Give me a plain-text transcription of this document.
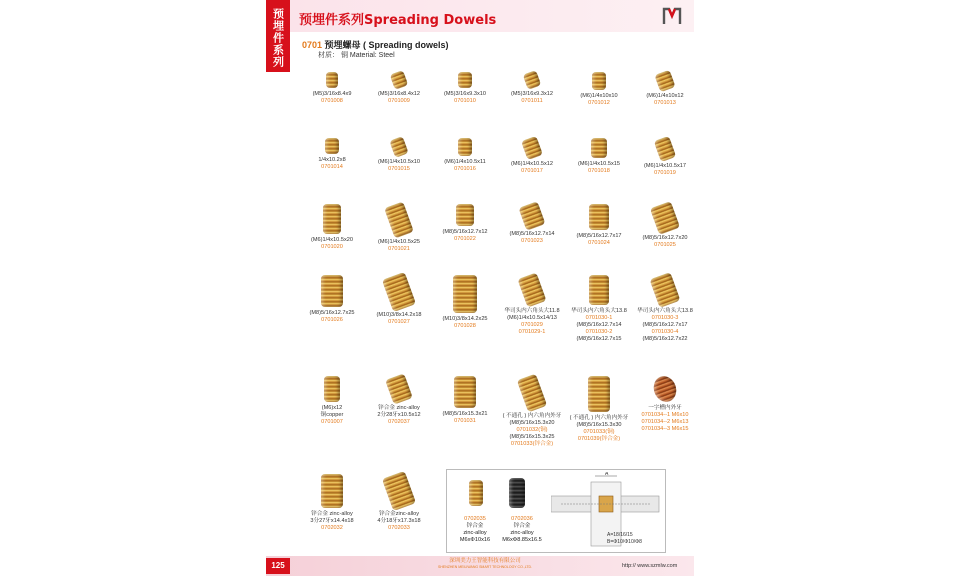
预埋件系列	预埋件系列Spreading Dowels
0701 预埋螺母 ( Spreading dowels)
材质： 铜 Material: Steel
(M5)3/16x8.4x9
0701008
(M5)3/16x8.4x12
0701009
(M5)3/16x9.3x10
0701010
(M5)3/16x9.3x12
0701011
(M6)1/4x10x10
0701012
(M6)1/4x10x12
0701013
1/4x10.2x8
0701014
(M6)1/4x10.5x10
0701015
(M6)1/4x10.5x11
0701016
(M6)1/4x10.5x12
0701017
(M6)1/4x10.5x15
0701018
(M6)1/4x10.5x17
0701019
(M6)1/4x10.5x20
0701020
(M6)1/4x10.5x25
0701021
(M8)5/16x12.7x12
0701022
(M8)5/16x12.7x14
0701023
(M8)5/16x12.7x17
0701024
(M8)5/16x12.7x20
0701025
(M8)5/16x12.7x25
0701026
(M10)3/8x14.2x18
0701027	(M10)3/8x14.2x25
0701028
华司头内六角头大11.8
(M6)1/4x10.5x14/13
0701029
0701029-1
华司头内六角头大13.8
0701030-1
(M8)5/16x12.7x14
0701030-2
(M8)5/16x12.7x15
华司头内六角头大13.8
0701030-3
(M8)5/16x12.7x17
0701030-4
(M8)5/16x12.7x22
(M6)x12
铜copper
0701007
锌合金 zinc-alloy
2分28牙x10.5x12
0702037
(M8)5/16x15.3x21
0701031
( 不通孔 ) 内六角内外牙
(M8)5/16x15.3x20
0701032(铜)
(M8)5/16x15.3x25
0701033(锌合金)
( 不通孔 ) 内六角内外牙
(M8)5/16x15.3x30
0701033(铜)
0701039(锌合金)
一字槽内外牙
0701034--1 M6x10
0701034--2 M6x13
0701034--3 M6x15
锌合金 zinc-alloy
3分27牙x14.4x18
0702032
锌合金zinc-alloy
4分18牙x17.3x18
0702033
0702035
锌合金
zinc-alloy
M6xΦ10x16
0702036
锌合金
zinc-alloy
M6xΦ8.85x16.5
A
A=18/16/15
B=Φ10/Φ10/Φ8
125	深圳美力王智能科技有限公司
SHENZHEN MEILIWANG SMART TECHNOLOGY CO.,LTD.	http:// www.szmlw.com
